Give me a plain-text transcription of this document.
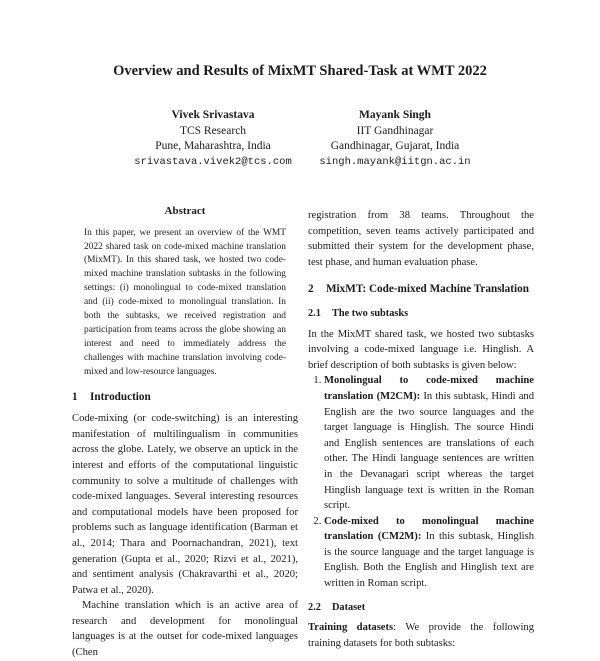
Overview and Results of MixMT Shared-Task at WMT 2022
Vivek Srivastava
TCS Research
Pune, Maharashtra, India
srivastava.vivek2@tcs.com
Mayank Singh
IIT Gandhinagar
Gandhinagar, Gujarat, India
singh.mayank@iitgn.ac.in
Abstract
In this paper, we present an overview of the WMT 2022 shared task on code-mixed machine translation (MixMT). In this shared task, we hosted two code-mixed machine translation subtasks in the following settings: (i) monolingual to code-mixed translation and (ii) code-mixed to monolingual translation. In both the subtasks, we received registration and participation from teams across the globe showing an interest and need to immediately address the challenges with machine translation involving code-mixed and low-resource languages.
1	Introduction

Code-mixing (or code-switching) is an interesting manifestation of multilingualism in communities across the globe. Lately, we observe an uptick in the interest and efforts of the computational linguistic community to solve a multitude of challenges with code-mixed languages. Several interesting resources and computational models have been proposed for problems such as language identification (Barman et al., 2014; Thara and Poornachandran, 2021), text generation (Gupta et al., 2020; Rizvi et al., 2021), and sentiment analysis (Chakravarthi et al., 2020; Patwa et al., 2020).

Machine translation which is an active area of research and development for monolingual languages is at the outset for code-mixed languages (Chen

registration from 38 teams. Throughout the competition, seven teams actively participated and submitted their system for the development phase, test phase, and human evaluation phase.

2	MixMT: Code-mixed Machine Translation
2.1	The two subtasks

In the MixMT shared task, we hosted two subtasks involving a code-mixed language i.e. Hinglish. A brief description of both subtasks is given below:

1. Monolingual to code-mixed machine translation (M2CM): In this subtask, Hindi and English are the two source languages and the target language is Hinglish. The source Hindi and English sentences are translations of each other. The Hindi language sentences are written in the Devanagari script whereas the target Hinglish language text is written in the Roman script.
2. Code-mixed to monolingual machine translation (CM2M): In this subtask, Hinglish is the source language and the target language is English. Both the English and Hinglish text are written in Roman script.
2.2	Dataset

Training datasets: We provide the following training datasets for both subtasks:
